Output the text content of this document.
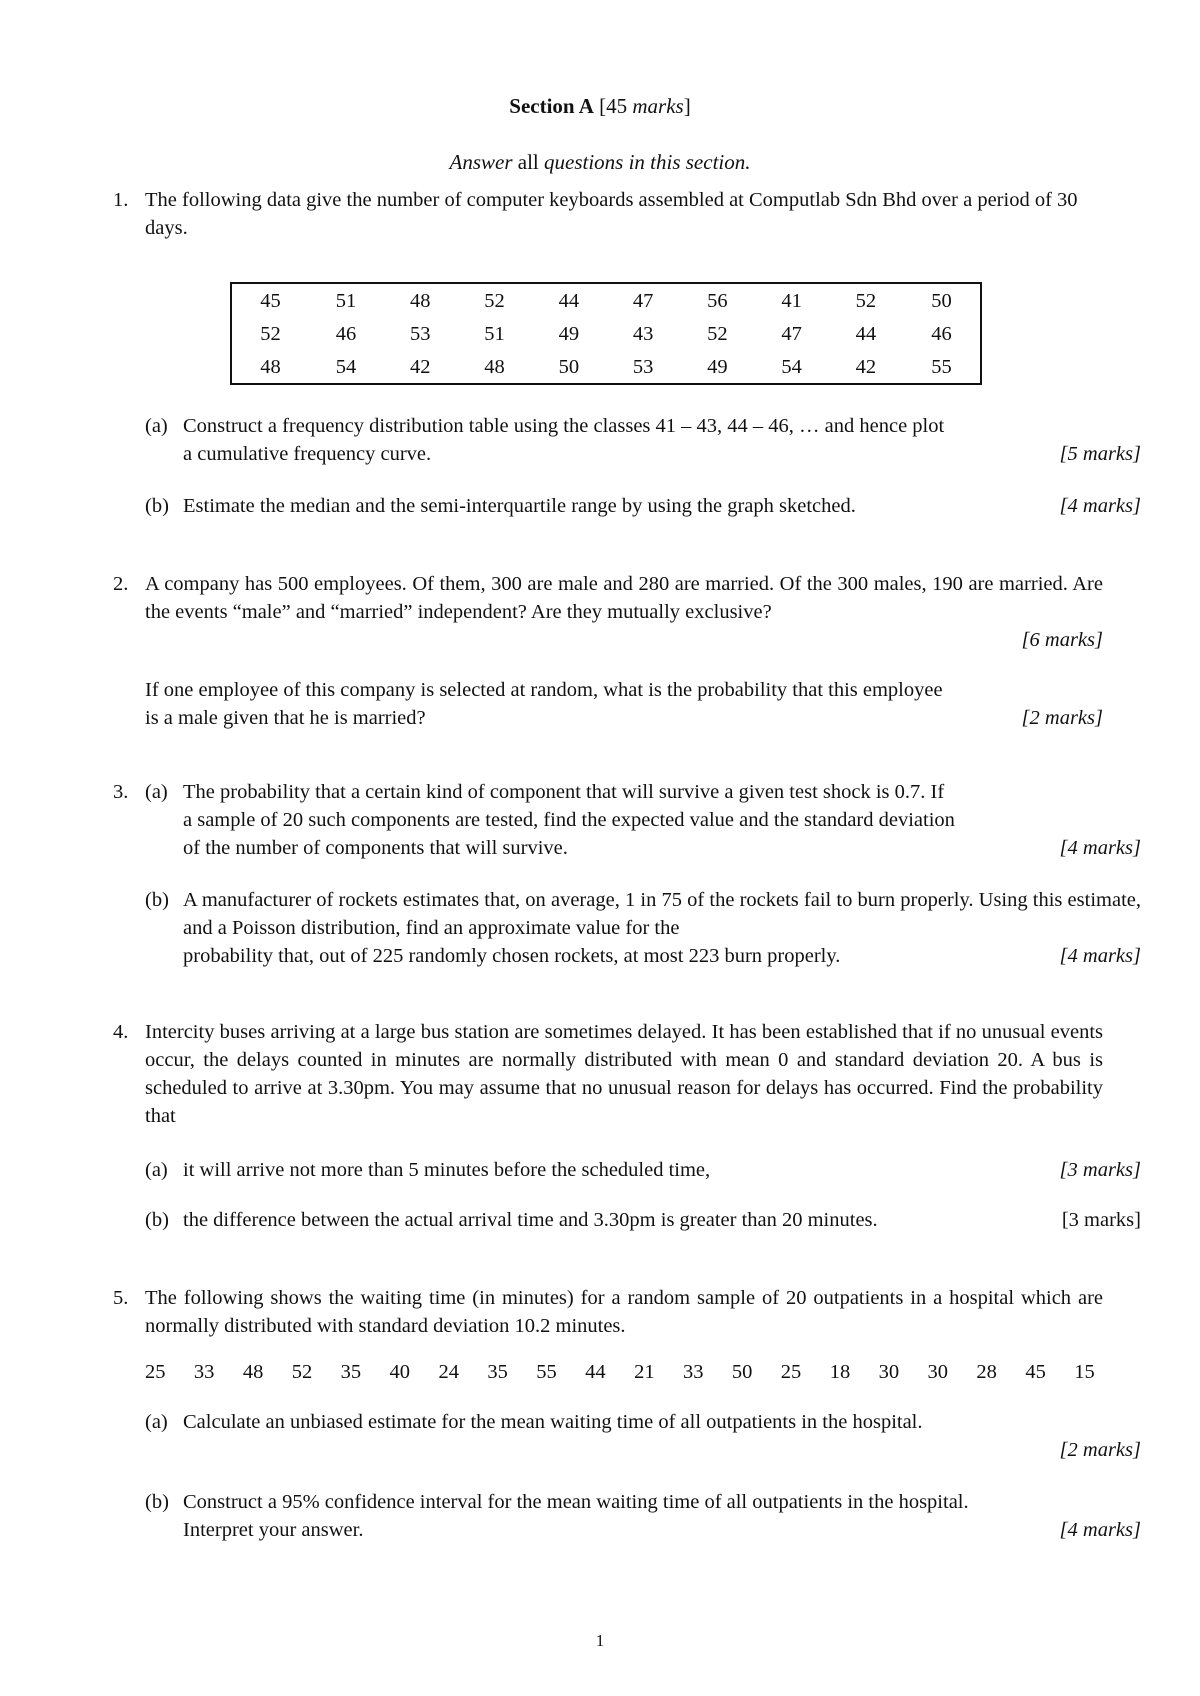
Section A [45 marks]
Answer all questions in this section.
1. The following data give the number of computer keyboards assembled at Computlab Sdn Bhd over a period of 30 days.
45	51	48	52	44	47	56	41	52	50
52	46	53	51	49	43	52	47	44	46
48	54	42	48	50	53	49	54	42	55
(a) Construct a frequency distribution table using the classes 41 – 43, 44 – 46, … and hence plot
a cumulative frequency curve.	[5 marks]
(b) Estimate the median and the semi-interquartile range by using the graph sketched.	[4 marks]
2. A company has 500 employees. Of them, 300 are male and 280 are married. Of the 300 males, 190 are married. Are the events “male” and “married” independent? Are they mutually exclusive?
[6 marks]
If one employee of this company is selected at random, what is the probability that this employee
is a male given that he is married?	[2 marks]
3. (a) The probability that a certain kind of component that will survive a given test shock is 0.7. If
a sample of 20 such components are tested, find the expected value and the standard deviation
of the number of components that will survive.	[4 marks]
(b) A manufacturer of rockets estimates that, on average, 1 in 75 of the rockets fail to burn properly. Using this estimate, and a Poisson distribution, find an approximate value for the
probability that, out of 225 randomly chosen rockets, at most 223 burn properly.	[4 marks]
4. Intercity buses arriving at a large bus station are sometimes delayed. It has been established that if no unusual events occur, the delays counted in minutes are normally distributed with mean 0 and standard deviation 20. A bus is scheduled to arrive at 3.30pm. You may assume that no unusual reason for delays has occurred. Find the probability that
(a) it will arrive not more than 5 minutes before the scheduled time,	[3 marks]
(b) the difference between the actual arrival time and 3.30pm is greater than 20 minutes.	[3 marks]
5. The following shows the waiting time (in minutes) for a random sample of 20 outpatients in a hospital which are normally distributed with standard deviation 10.2 minutes.
25 33 48 52 35 40 24 35 55 44 21 33 50 25 18 30 30 28 45 15
(a) Calculate an unbiased estimate for the mean waiting time of all outpatients in the hospital.
[2 marks]
(b) Construct a 95% confidence interval for the mean waiting time of all outpatients in the hospital.
Interpret your answer.	[4 marks]
1
